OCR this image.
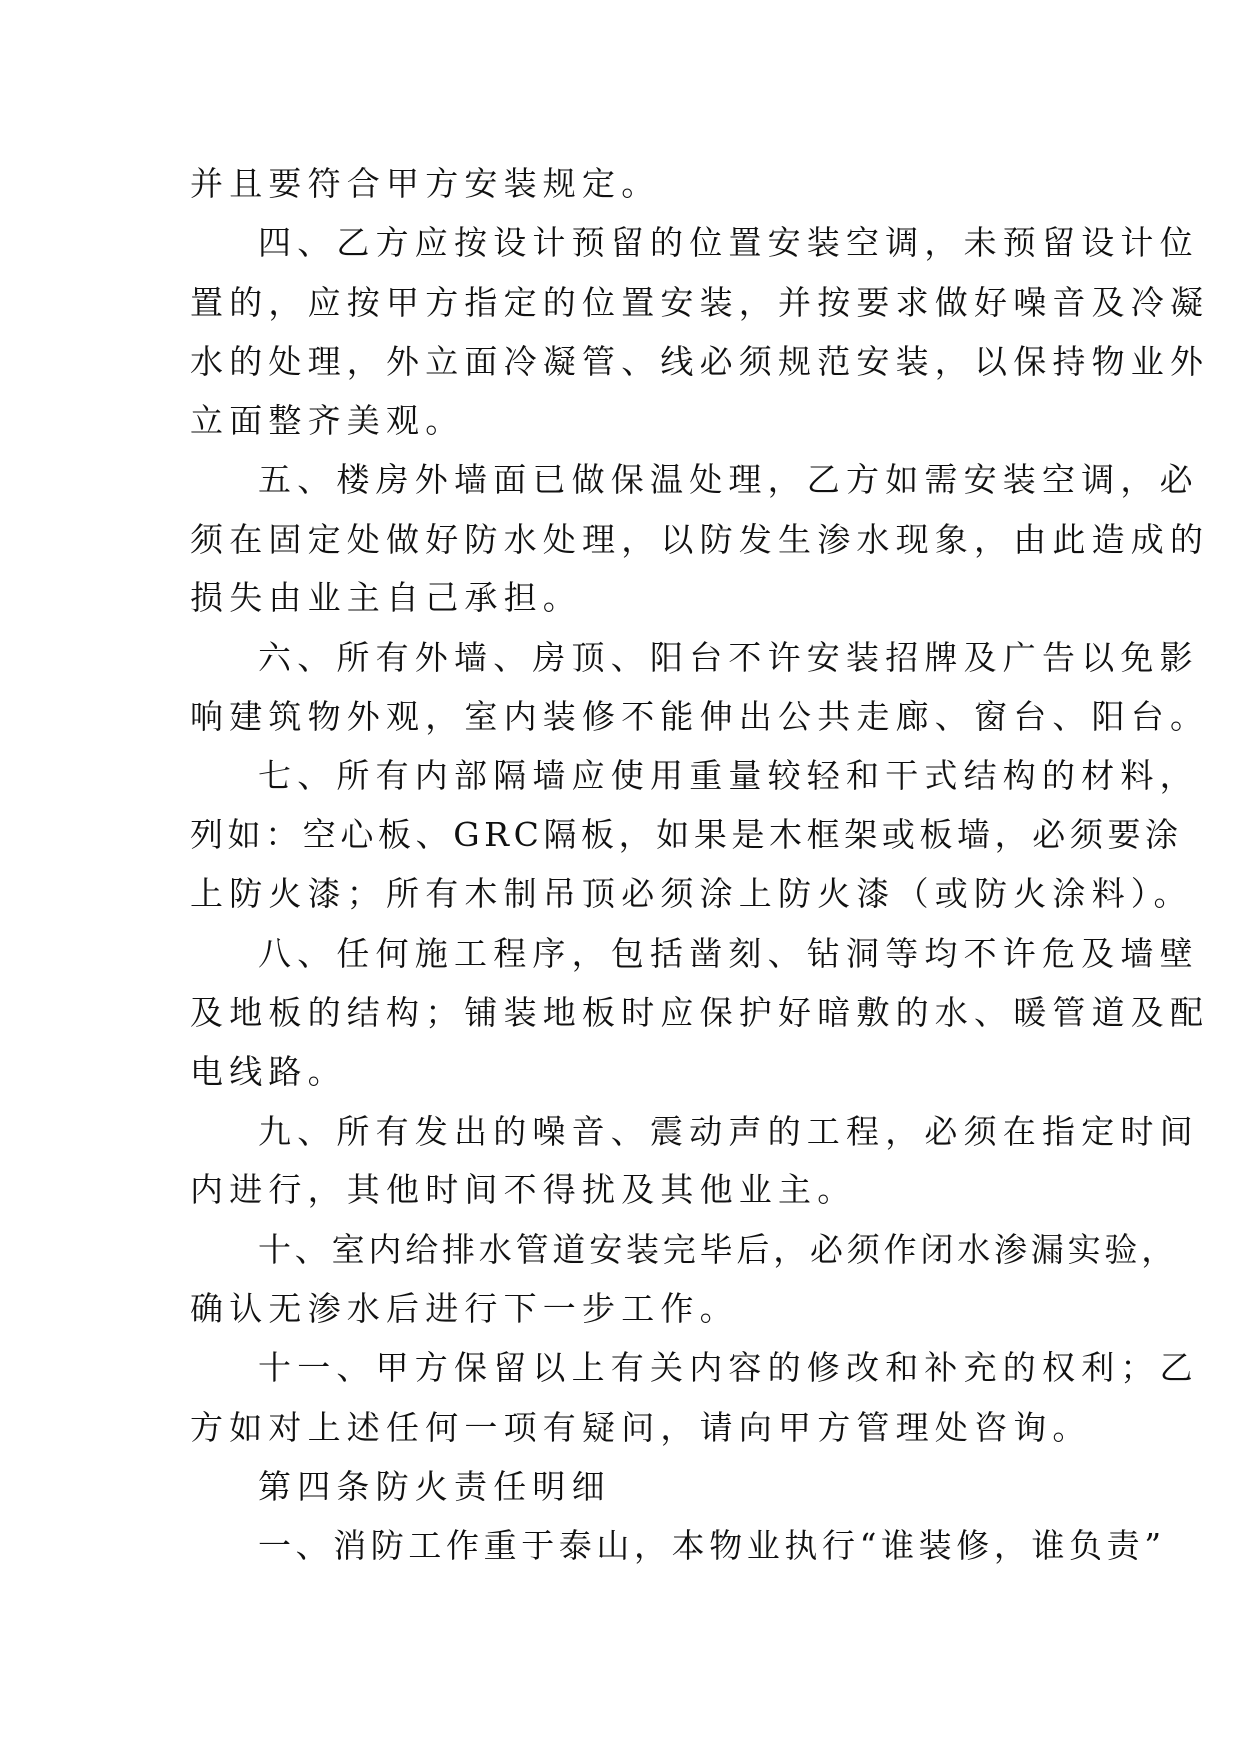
并且要符合甲方安装规定。
四、乙方应按设计预留的位置安装空调，未预留设计位
置的，应按甲方指定的位置安装，并按要求做好噪音及冷凝
水的处理，外立面冷凝管、线必须规范安装，以保持物业外
立面整齐美观。
五、楼房外墙面已做保温处理，乙方如需安装空调，必
须在固定处做好防水处理，以防发生渗水现象，由此造成的
损失由业主自己承担。
六、所有外墙、房顶、阳台不许安装招牌及广告以免影
响建筑物外观，室内装修不能伸出公共走廊、窗台、阳台。
七、所有内部隔墙应使用重量较轻和干式结构的材料，
列如：空心板、GRC隔板，如果是木框架或板墙，必须要涂
上防火漆；所有木制吊顶必须涂上防火漆（或防火涂料）。
八、任何施工程序，包括凿刻、钻洞等均不许危及墙壁
及地板的结构；铺装地板时应保护好暗敷的水、暖管道及配
电线路。
九、所有发出的噪音、震动声的工程，必须在指定时间
内进行，其他时间不得扰及其他业主。
十、室内给排水管道安装完毕后，必须作闭水渗漏实验，
确认无渗水后进行下一步工作。
十一、甲方保留以上有关内容的修改和补充的权利；乙
方如对上述任何一项有疑问，请向甲方管理处咨询。
第四条防火责任明细
一、消防工作重于泰山，本物业执行“谁装修，谁负责”
